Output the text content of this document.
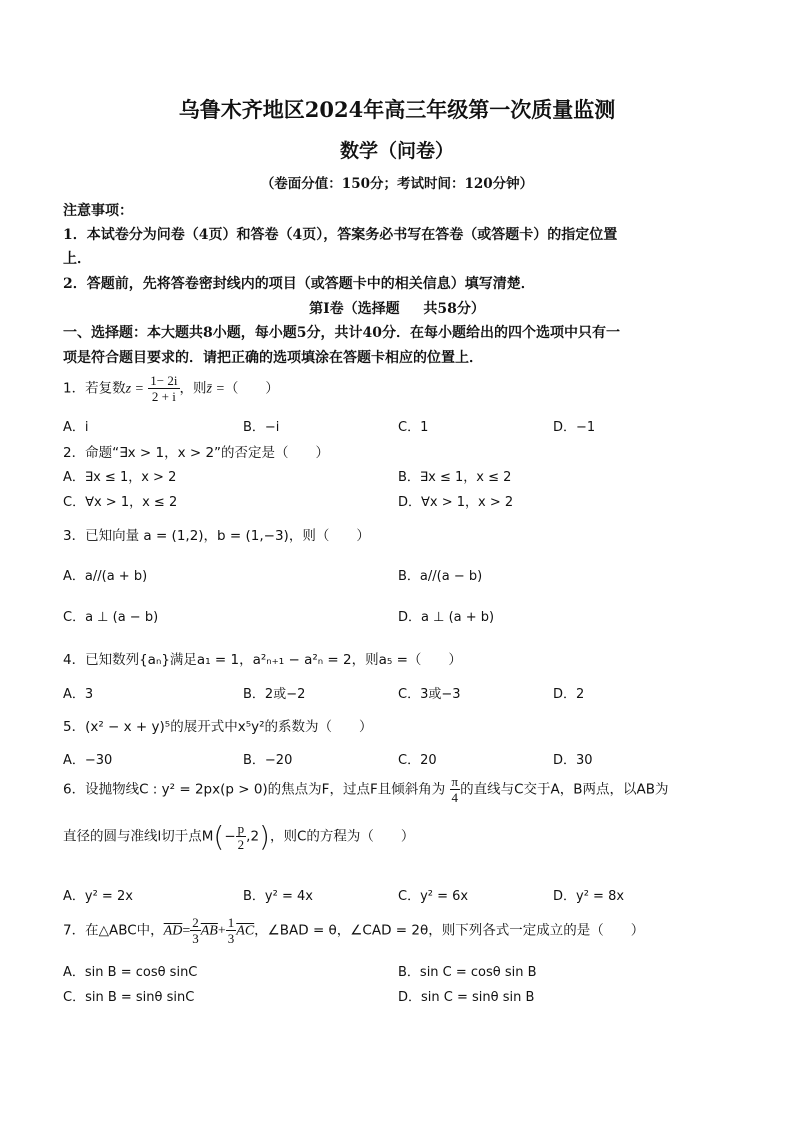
乌鲁木齐地区2024年高三年级第一次质量监测
数学（问卷）
（卷面分值：150分；考试时间：120分钟）
注意事项：
1．本试卷分为问卷（4页）和答卷（4页），答案务必书写在答卷（或答题卡）的指定位置
上．
2．答题前，先将答卷密封线内的项目（或答题卡中的相关信息）填写清楚．
第Ⅰ卷（选择题 　 共58分）
一、选择题：本大题共8小题，每小题5分，共计40分．在每小题给出的四个选项中只有一
项是符合题目要求的．请把正确的选项填涂在答题卡相应的位置上．
1．若复数$z = \frac{1- 2i}{2 + i}$ ，则z̄ =（　　）
A．i	B．−i	C．1	D．−1
2．命题“∃x > 1，x > 2”的否定是（　　）
A．∃x ≤ 1，x > 2	B．∃x ≤ 1，x ≤ 2
C．∀x > 1，x ≤ 2	D．∀x > 1，x > 2
3．已知向量 a = (1,2)，b = (1,−3)，则（　　）
A．a//(a + b)	B．a//(a − b)
C．a ⊥ (a − b)	D．a ⊥ (a + b)
4．已知数列{aₙ}满足a₁ = 1，a²ₙ₊₁ − a²ₙ = 2，则a₅ =（　　）
A．3	B．2或−2	C．3或−3	D．2
5．(x² − x + y)⁵的展开式中x⁵y²的系数为（　　）
A．−30	B．−20	C．20	D．30
6．设抛物线C : y² = 2px(p > 0)的焦点为F，过点F且倾斜角为 $\frac{\pi}{4}$ 的直线与C交于A，B两点，以AB为
直径的圆与准线l切于点$M(- \frac{p}{2} ,2)$，则C的方程为（　　）
A．y² = 2x	B．y² = 4x	C．y² = 6x	D．y² = 8x
7．在△ABC中，$\overline{AD}= \frac{2}{3} \overline{AB}+ \frac{1}{3} \overline{AC}$，∠BAD = θ，∠CAD = 2θ，则下列各式一定成立的是（　　）
A．sin B = cosθ sinC	B．sin C = cosθ sin B
C．sin B = sinθ sinC	D．sin C = sinθ sin B
